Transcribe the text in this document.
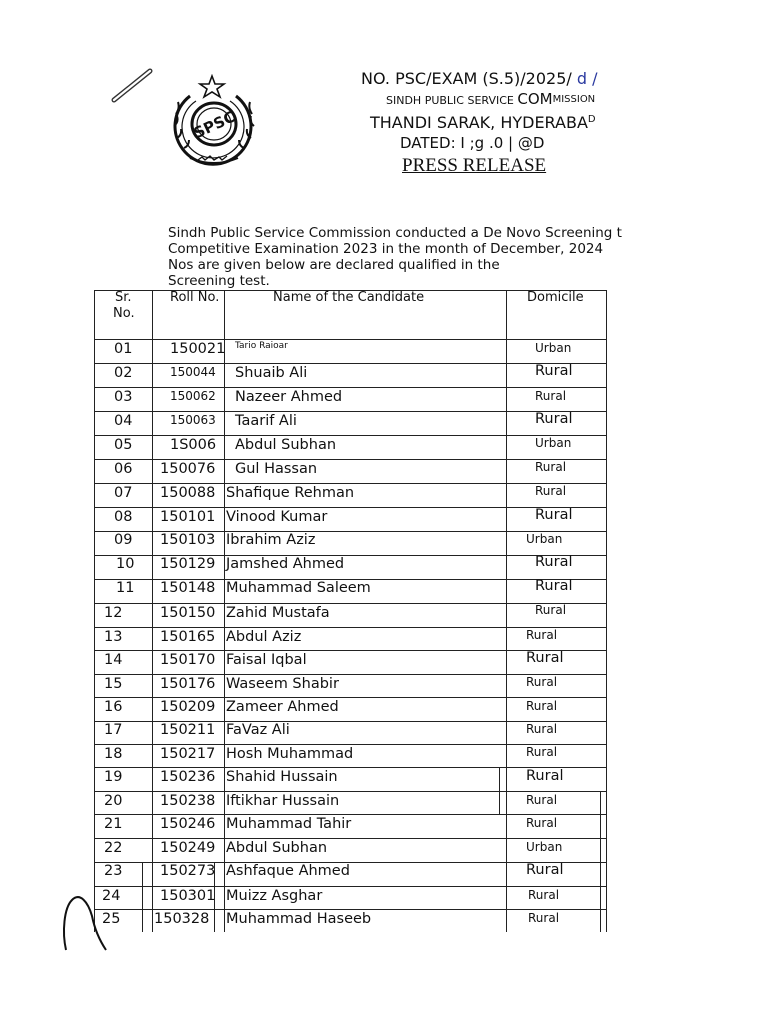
SPSC
NO. PSC/EXAM (S.5)/2025/ d /
SINDH PUBLIC SERVICE COMMISSION
THANDI SARAK, $HYDERABA^D$
DATED: I ;g .0 | @D
PRESS RELEASE
Sindh Public Service Commission conducted a De Novo Screening t
Competitive Examination 2023 in the month of December, 2024
Nos are given below are declared qualified in the
Screening test.
Sr.
No.
Roll No.	Name of the Candidate	Domicile
01	150021 Tario Raioar	Urban
02	150044 Shuaib Ali	Rural
03	150062 Nazeer Ahmed	Rural
04	150063 Taarif Ali	Rural
05	1S006 Abdul Subhan	Urban
06 150076 Gul Hassan	Rural
07 150088 Shafique Rehman	Rural
08 150101 Vinood Kumar	Rural
09 150103 Ibrahim Aziz	Urban
10 150129 Jamshed Ahmed	Rural
11 150148 Muhammad Saleem	Rural
12	150150 Zahid Mustafa	Rural
13	150165 Abdul Aziz	Rural
14	150170 Faisal Iqbal	Rural
15	150176 Waseem Shabir	Rural
16	150209 Zameer Ahmed	Rural
17	150211 FaVaz Ali	Rural
18	150217 Hosh Muhammad	Rural
19	150236 Shahid Hussain	Rural
20	150238 Iftikhar Hussain	Rural
21	150246 Muhammad Tahir	Rural
22	150249 Abdul Subhan	Urban
23	150273 Ashfaque Ahmed	Rural
24	150301 Muizz Asghar	Rural
25 150328 Muhammad Haseeb	Rural
